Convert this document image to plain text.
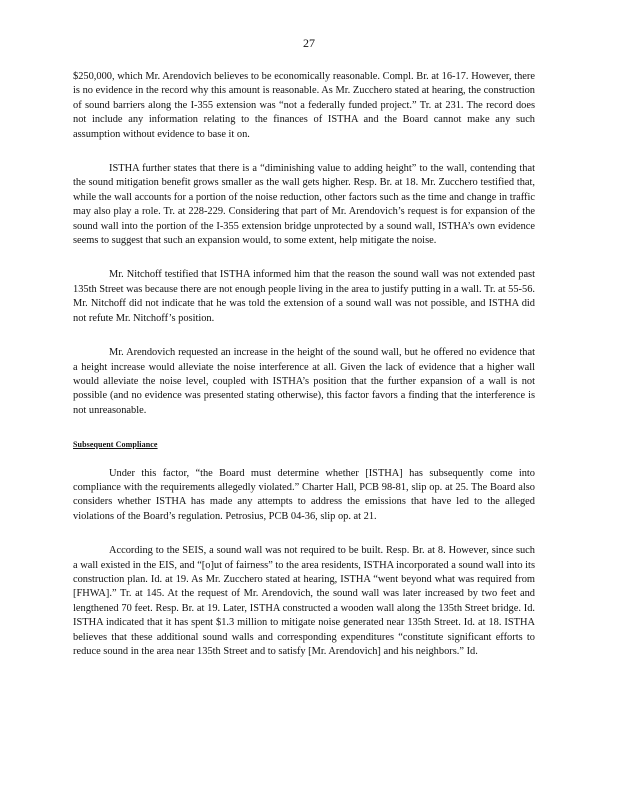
27

$250,000, which Mr. Arendovich believes to be economically reasonable. Compl. Br. at 16-17. However, there is no evidence in the record why this amount is reasonable. As Mr. Zucchero stated at hearing, the construction of sound barriers along the I-355 extension was “not a federally funded project.” Tr. at 231. The record does not include any information relating to the finances of ISTHA and the Board cannot make any such assumption without evidence to base it on.

ISTHA further states that there is a “diminishing value to adding height” to the wall, contending that the sound mitigation benefit grows smaller as the wall gets higher. Resp. Br. at 18. Mr. Zucchero testified that, while the wall accounts for a portion of the noise reduction, other factors such as the time and change in traffic may also play a role. Tr. at 228-229. Considering that part of Mr. Arendovich’s request is for expansion of the sound wall into the portion of the I-355 extension bridge unprotected by a sound wall, ISTHA’s own evidence seems to suggest that such an expansion would, to some extent, help mitigate the noise.

Mr. Nitchoff testified that ISTHA informed him that the reason the sound wall was not extended past 135th Street was because there are not enough people living in the area to justify putting in a wall. Tr. at 55-56. Mr. Nitchoff did not indicate that he was told the extension of a sound wall was not possible, and ISTHA did not refute Mr. Nitchoff’s position.

Mr. Arendovich requested an increase in the height of the sound wall, but he offered no evidence that a height increase would alleviate the noise interference at all. Given the lack of evidence that a higher wall would alleviate the noise level, coupled with ISTHA’s position that the further expansion of a wall is not possible (and no evidence was presented stating otherwise), this factor favors a finding that the interference is not unreasonable.

Subsequent Compliance

Under this factor, “the Board must determine whether [ISTHA] has subsequently come into compliance with the requirements allegedly violated.” Charter Hall, PCB 98-81, slip op. at 25. The Board also considers whether ISTHA has made any attempts to address the emissions that have led to the alleged violations of the Board’s regulation. Petrosius, PCB 04-36, slip op. at 21.

According to the SEIS, a sound wall was not required to be built. Resp. Br. at 8. However, since such a wall existed in the EIS, and “[o]ut of fairness” to the area residents, ISTHA incorporated a sound wall into its construction plan. Id. at 19. As Mr. Zucchero stated at hearing, ISTHA “went beyond what was required from [FHWA].” Tr. at 145. At the request of Mr. Arendovich, the sound wall was later increased by two feet and lengthened 70 feet. Resp. Br. at 19. Later, ISTHA constructed a wooden wall along the 135th Street bridge. Id. ISTHA indicated that it has spent $1.3 million to mitigate noise generated near 135th Street. Id. at 18. ISTHA believes that these additional sound walls and corresponding expenditures “constitute significant efforts to reduce sound in the area near 135th Street and to satisfy [Mr. Arendovich] and his neighbors.” Id.
